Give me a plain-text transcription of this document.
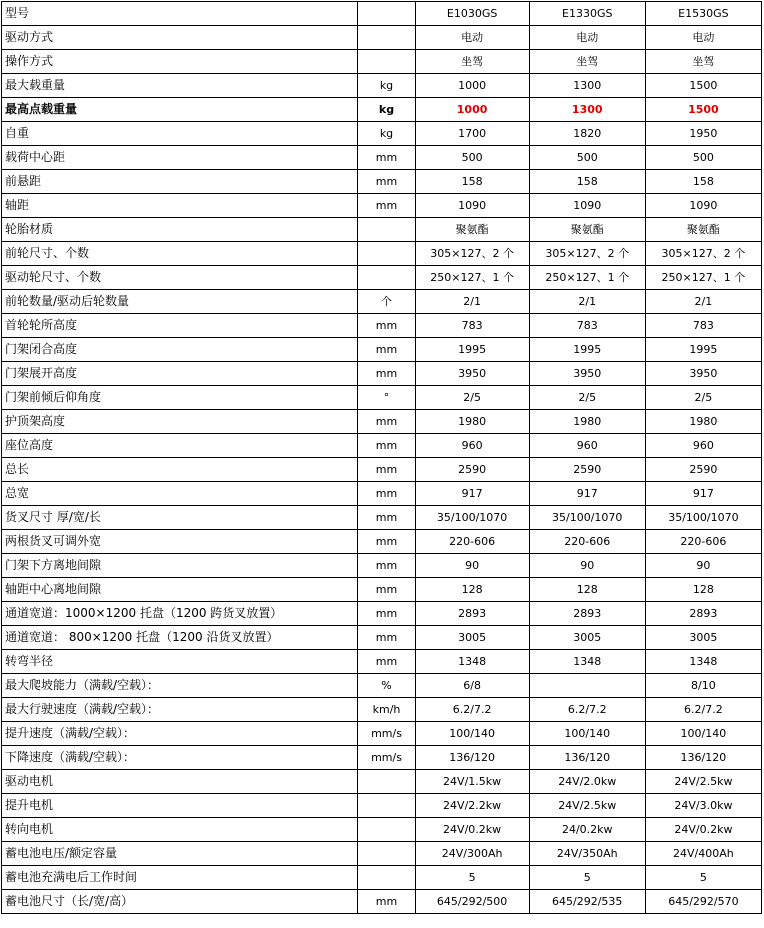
型号		E1030GS	E1330GS	E1530GS
驱动方式		电动	电动	电动
操作方式		坐驾	坐驾	坐驾
最大载重量	kg	1000	1300	1500
最高点载重量	kg	1000	1300	1500
自重	kg	1700	1820	1950
载荷中心距	mm	500	500	500
前悬距	mm	158	158	158
轴距	mm	1090	1090	1090
轮胎材质		聚氨酯	聚氨酯	聚氨酯
前轮尺寸、个数		305×127、2 个	305×127、2 个	305×127、2 个
驱动轮尺寸、个数		250×127、1 个	250×127、1 个	250×127、1 个
前轮数量/驱动后轮数量	个	2/1	2/1	2/1
首轮轮所高度	mm	783	783	783
门架闭合高度	mm	1995	1995	1995
门架展开高度	mm	3950	3950	3950
门架前倾后仰角度	°	2/5	2/5	2/5
护顶架高度	mm	1980	1980	1980
座位高度	mm	960	960	960
总长	mm	2590	2590	2590
总宽	mm	917	917	917
货叉尺寸 厚/宽/长	mm	35/100/1070	35/100/1070	35/100/1070
两根货叉可调外宽	mm	220-606	220-606	220-606
门架下方离地间隙	mm	90	90	90
轴距中心离地间隙	mm	128	128	128
通道宽道：1000×1200 托盘（1200 跨货叉放置）	mm	2893	2893	2893
通道宽道： 800×1200 托盘（1200 沿货叉放置）	mm	3005	3005	3005
转弯半径	mm	1348	1348	1348
最大爬坡能力（满载/空载）：	%	6/8		8/10
最大行驶速度（满载/空载）：	km/h	6.2/7.2	6.2/7.2	6.2/7.2
提升速度（满载/空载）：	mm/s	100/140	100/140	100/140
下降速度（满载/空载）：	mm/s	136/120	136/120	136/120
驱动电机		24V/1.5kw	24V/2.0kw	24V/2.5kw
提升电机		24V/2.2kw	24V/2.5kw	24V/3.0kw
转向电机		24V/0.2kw	24/0.2kw	24V/0.2kw
蓄电池电压/额定容量		24V/300Ah	24V/350Ah	24V/400Ah
蓄电池充满电后工作时间		5	5	5
蓄电池尺寸（长/宽/高）	mm	645/292/500	645/292/535	645/292/570
